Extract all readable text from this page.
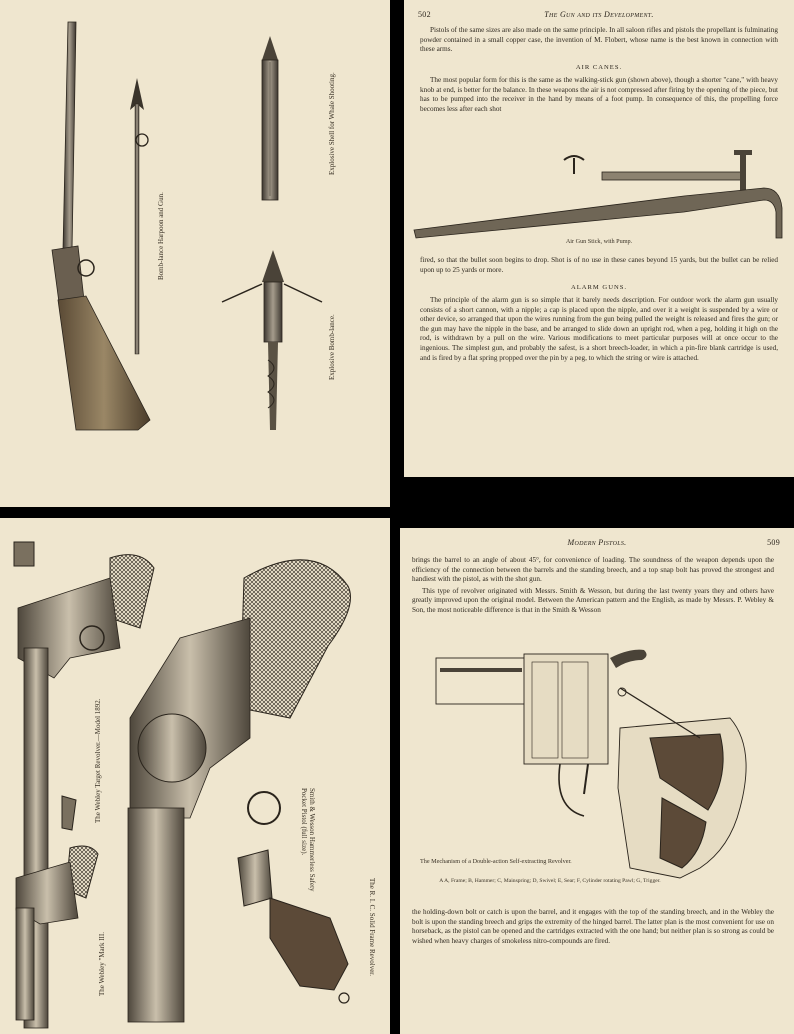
Bomb-lance Harpoon and Gun.
Explosive Shell for Whale Shooting.
Explosive Bomb-lance.
502	The Gun and its Development.

Pistols of the same sizes are also made on the same principle. In all saloon rifles and pistols the propellant is fulminating powder contained in a small copper case, the invention of M. Flobert, whose name is the best known in connection with these arms.

AIR CANES.

The most popular form for this is the same as the walking-stick gun (shown above), though a shorter "cane," with heavy knob at end, is better for the balance. In these weapons the air is not compressed after firing by the opening of the piece, but has to be pumped into the receiver in the hand by means of a foot pump. In consequence of this, the propelling force becomes less after each shot

Air Gun Stick, with Pump.

fired, so that the bullet soon begins to drop. Shot is of no use in these canes beyond 15 yards, but the bullet can be relied upon up to 25 yards or more.

ALARM GUNS.

The principle of the alarm gun is so simple that it barely needs description. For outdoor work the alarm gun usually consists of a short cannon, with a nipple; a cap is placed upon the nipple, and over it a weight is suspended by a wire or other device, so arranged that upon the wires running from the gun being pulled the weight is released and fires the gun; or the gun may have the nipple in the base, and be arranged to slide down an upright rod, when a peg, holding it high on the rod, is withdrawn by a pull on the wire. Various modifications to meet particular purposes will at once occur to the ingenious. The simplest gun, and probably the safest, is a short breech-loader, in which a pin-fire blank cartridge is used, and is fired by a flat spring propped over the pin by a peg, to which the string or wire is attached.

The Webley Target Revolver.—Model 1892.
The Webley "Mark III.
Smith & Wesson Hammerless Safety Pocket Pistol (full size).
The R. I. C. Solid Frame Revolver.
Modern Pistols.	509

brings the barrel to an angle of about 45°, for convenience of loading. The soundness of the weapon depends upon the efficiency of the connection between the barrels and the standing breech, and a top snap bolt has proved the strongest and handiest with the pistol, as with the shot gun.

This type of revolver originated with Messrs. Smith & Wesson, but during the last twenty years they and others have greatly improved upon the original model. Between the American pattern and the English, as made by Messrs. P. Webley & Son, the most noticeable difference is that in the Smith & Wesson

The Mechanism of a Double-action Self-extracting Revolver.
A A, Frame; B, Hammer; C, Mainspring; D, Swivel; E, Sear; F, Cylinder rotating Pawl; G, Trigger.

the holding-down bolt or catch is upon the barrel, and it engages with the top of the standing breech, and in the Webley the bolt is upon the standing breech and grips the extremity of the hinged barrel. The latter plan is the most convenient for use on horseback, as the pistol can be opened and the cartridges extracted with the one hand; but neither plan is so strong as could be wished when heavy charges of smokeless nitro-compounds are fired.
